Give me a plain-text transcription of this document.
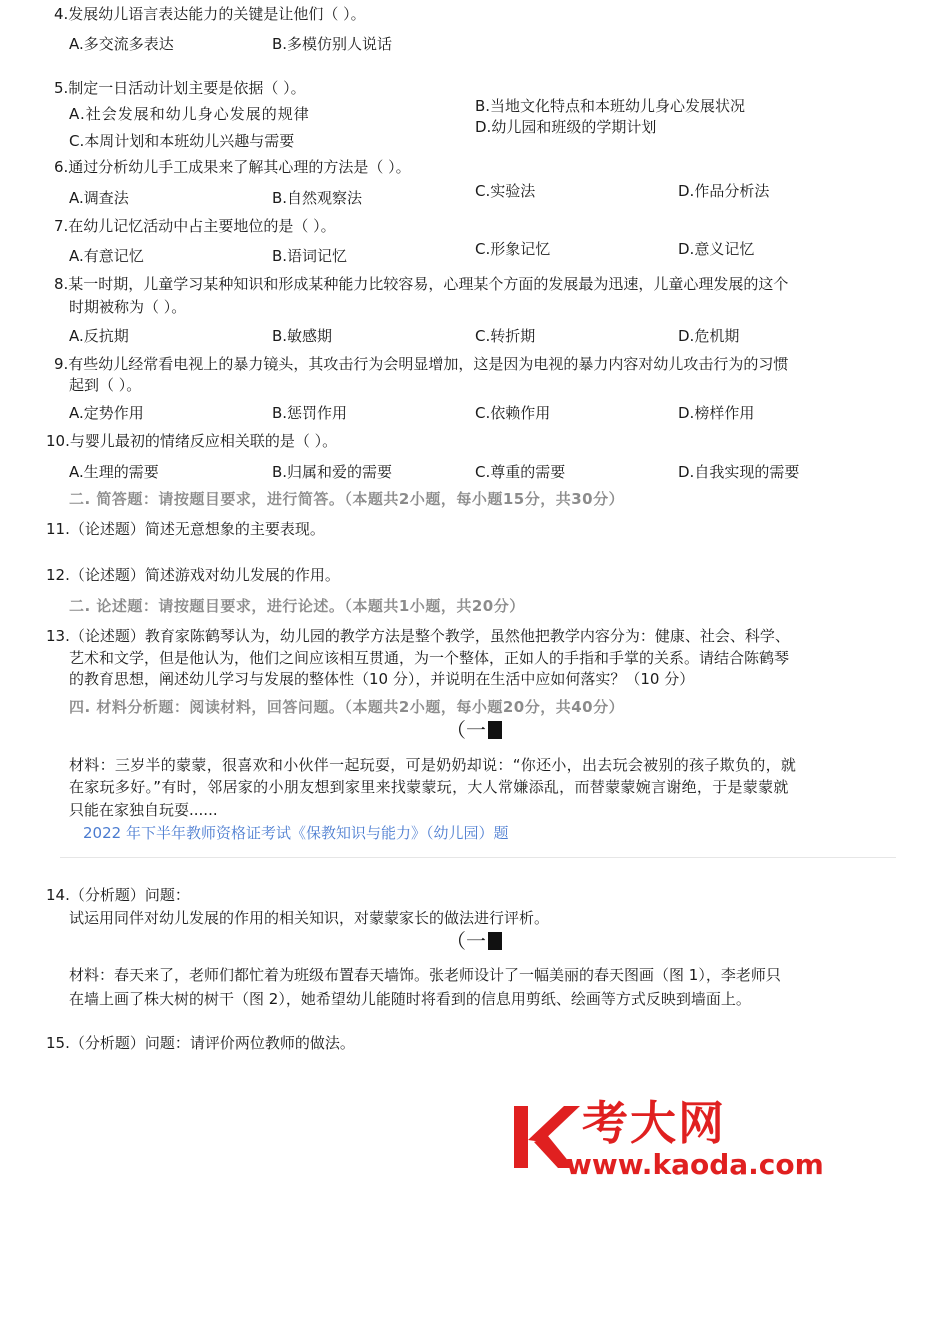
4.发展幼儿语言表达能力的关键是让他们（ ）。
A.多交流多表达	B.多模仿别人说话
5.制定一日活动计划主要是依据（ ）。
A.社会发展和幼儿身心发展的规律	B.当地文化特点和本班幼儿身心发展状况
C.本周计划和本班幼儿兴趣与需要
D.幼儿园和班级的学期计划
6.通过分析幼儿手工成果来了解其心理的方法是（ ）。
A.调查法	B.自然观察法	C.实验法	D.作品分析法
7.在幼儿记忆活动中占主要地位的是（ ）。
A.有意记忆	B.语词记忆	C.形象记忆	D.意义记忆
8.某一时期，儿童学习某种知识和形成某种能力比较容易，心理某个方面的发展最为迅速，儿童心理发展的这个
时期被称为（ ）。
A.反抗期	B.敏感期	C.转折期	D.危机期
9.有些幼儿经常看电视上的暴力镜头，其攻击行为会明显增加，这是因为电视的暴力内容对幼儿攻击行为的习惯
起到（ ）。
A.定势作用	B.惩罚作用	C.依赖作用	D.榜样作用
10.与婴儿最初的情绪反应相关联的是（ ）。
A.生理的需要	B.归属和爱的需要	C.尊重的需要	D.自我实现的需要
二. 简答题：请按题目要求，进行简答。（本题共2小题，每小题15分，共30分）
11.（论述题）简述无意想象的主要表现。
12.（论述题）简述游戏对幼儿发展的作用。
二. 论述题：请按题目要求，进行论述。（本题共1小题，共20分）
13.（论述题）教育家陈鹤琴认为，幼儿园的教学方法是整个教学，虽然他把教学内容分为：健康、社会、科学、
艺术和文学，但是他认为，他们之间应该相互贯通，为一个整体，正如人的手指和手掌的关系。请结合陈鹤琴
的教育思想，阐述幼儿学习与发展的整体性（10 分），并说明在生活中应如何落实？（10 分）
四. 材料分析题：阅读材料，回答问题。（本题共2小题，每小题20分，共40分）
（一
材料：三岁半的蒙蒙，很喜欢和小伙伴一起玩耍，可是奶奶却说：“你还小，出去玩会被别的孩子欺负的，就
在家玩多好。”有时，邻居家的小朋友想到家里来找蒙蒙玩，大人常嫌添乱，而替蒙蒙婉言谢绝，于是蒙蒙就
只能在家独自玩耍......
2022 年下半年教师资格证考试《保教知识与能力》（幼儿园）题
14.（分析题）问题：
试运用同伴对幼儿发展的作用的相关知识，对蒙蒙家长的做法进行评析。
（一
材料：春天来了，老师们都忙着为班级布置春天墙饰。张老师设计了一幅美丽的春天图画（图 1），李老师只
在墙上画了株大树的树干（图 2），她希望幼儿能随时将看到的信息用剪纸、绘画等方式反映到墙面上。
15.（分析题）问题：请评价两位教师的做法。
考大网
www.kaoda.com
